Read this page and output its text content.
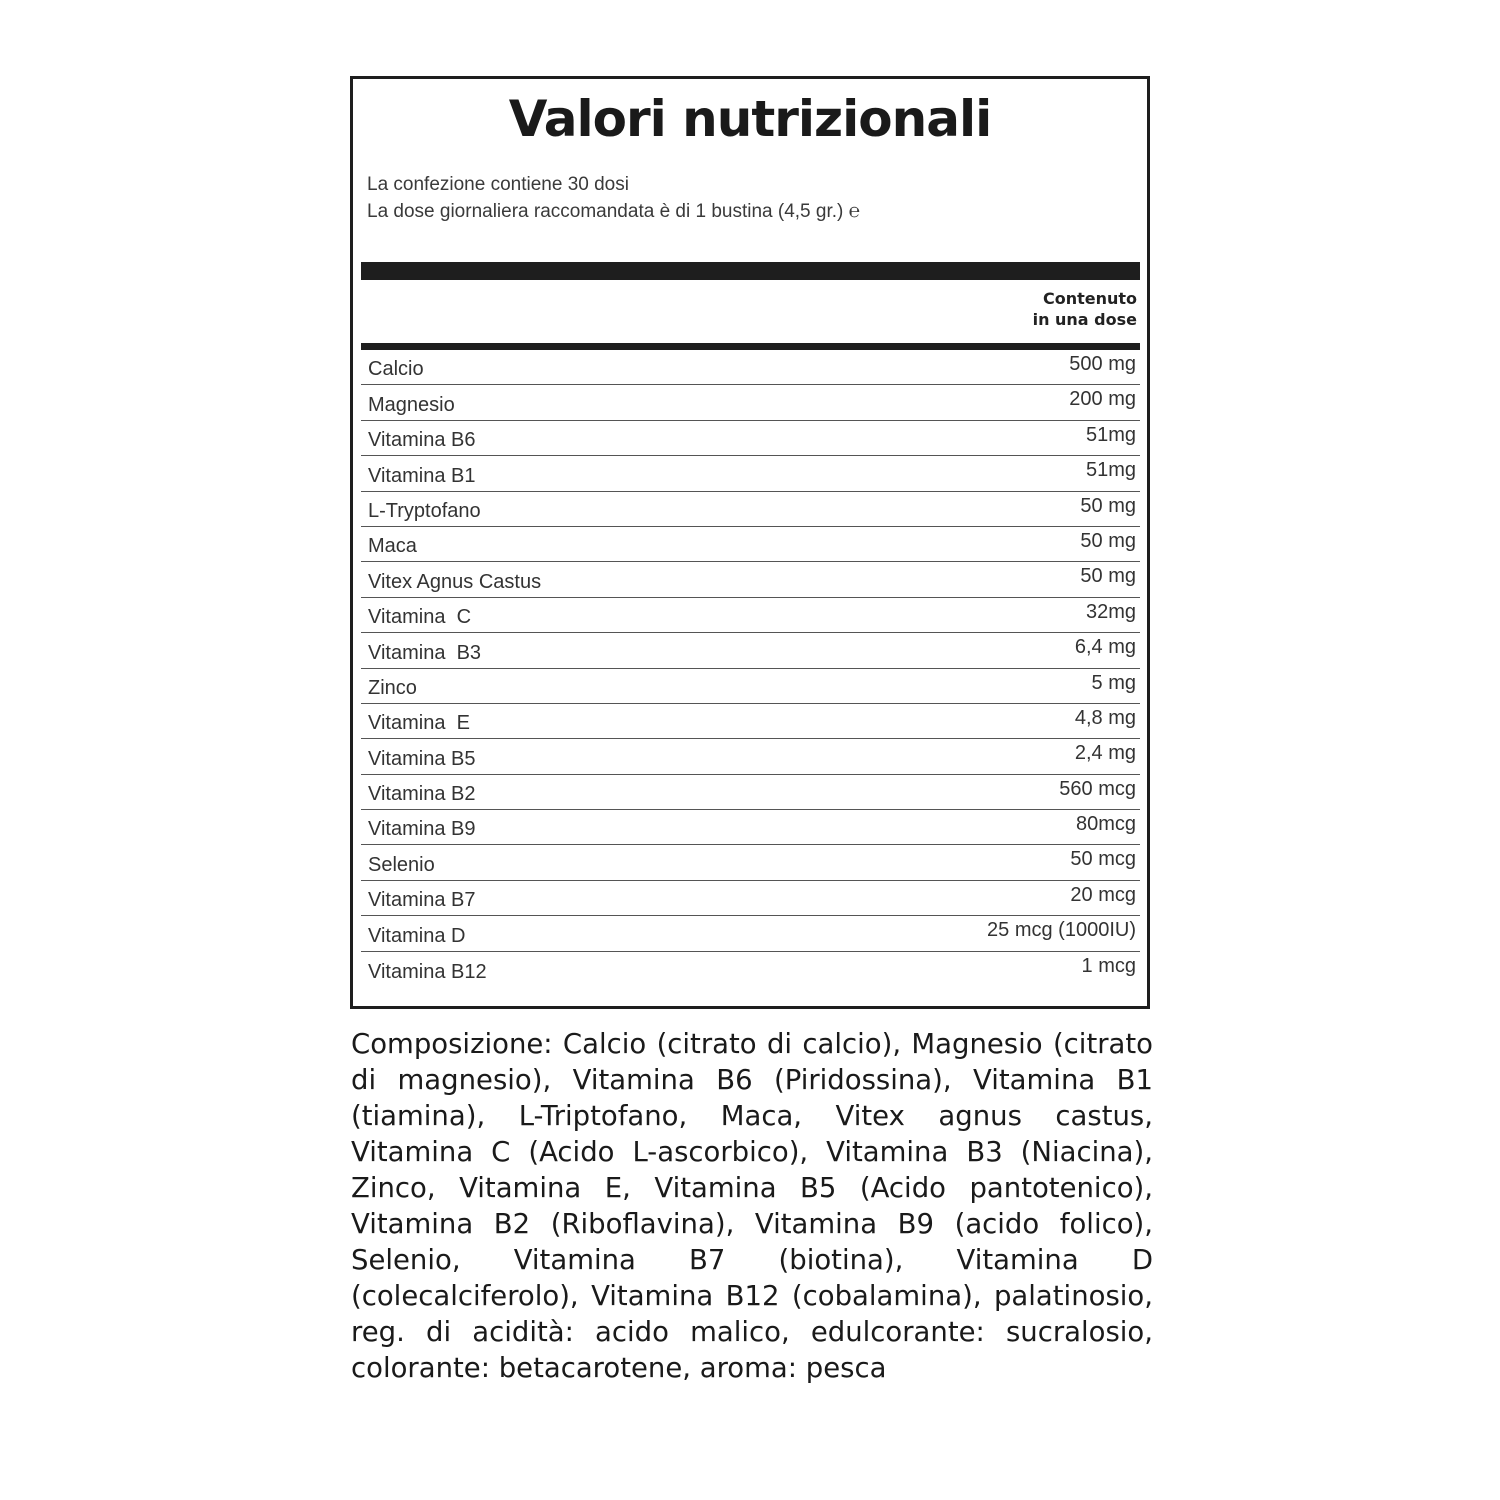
La confezione contiene 30 dosi
La dose giornaliera raccomandata è di 1 bustina (4,5 gr.) ℮
Contenuto
in una dose
Calcio	500 mg
Magnesio	200 mg
Vitamina B6	51mg
Vitamina B1	51mg
L-Tryptofano	50 mg
Maca	50 mg
Vitex Agnus Castus	50 mg
Vitamina  C	32mg
Vitamina  B3	6,4 mg
Zinco	5 mg
Vitamina  E	4,8 mg
Vitamina B5	2,4 mg
Vitamina B2	560 mcg
Vitamina B9	80mcg
Selenio	50 mcg
Vitamina B7	20 mcg
Vitamina D	25 mcg (1000IU)
Vitamina B12	1 mcg
Valori nutrizionali

Composizione: Calcio (citrato di calcio), Magnesio (citrato di magnesio), Vitamina B6 (Piridossina), Vitamina B1 (tiamina), L-Triptofano, Maca, Vitex agnus castus, Vitamina C (Acido L-ascorbico), Vitamina B3 (Niacina), Zinco, Vitamina E, Vitamina B5 (Acido pantotenico), Vitamina B2 (Riboflavina), Vitamina B9 (acido folico), Selenio, Vitamina B7 (biotina), Vitamina D (colecalciferolo), Vitamina B12 (cobalamina), palatinosio, reg. di acidità: acido malico, edulcorante: sucralosio, colorante: betacarotene, aroma: pesca
